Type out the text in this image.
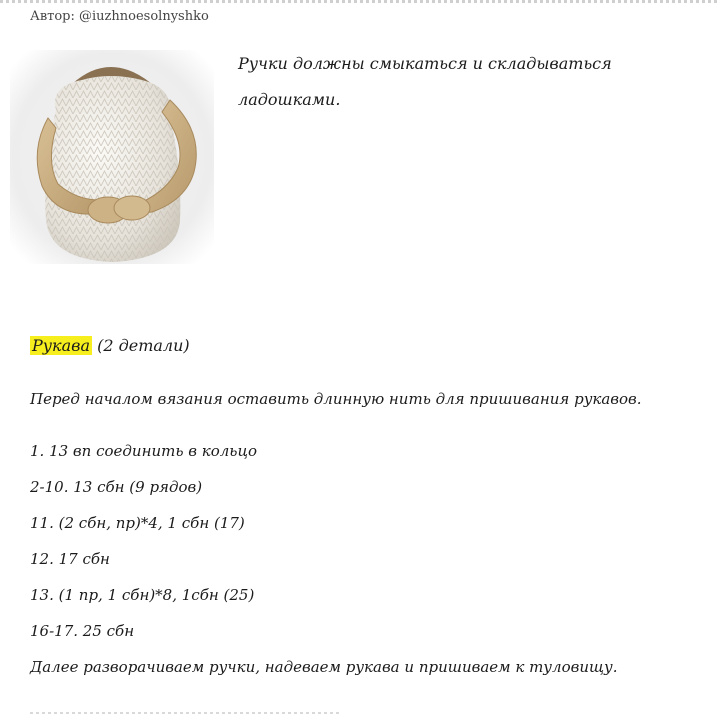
Автор: @iuzhnoesolnyshko
Ручки должны смыкаться и складываться ладошками.
Рукава (2 детали)
Перед началом вязания оставить длинную нить для пришивания рукавов.
1. 13 вп соединить в кольцо
2-10. 13 сбн (9 рядов)
11. (2 сбн, пр)*4, 1 сбн (17)
12. 17 сбн
13. (1 пр, 1 сбн)*8, 1сбн (25)
16-17. 25 сбн
Далее разворачиваем ручки, надеваем рукава и пришиваем к туловищу.
